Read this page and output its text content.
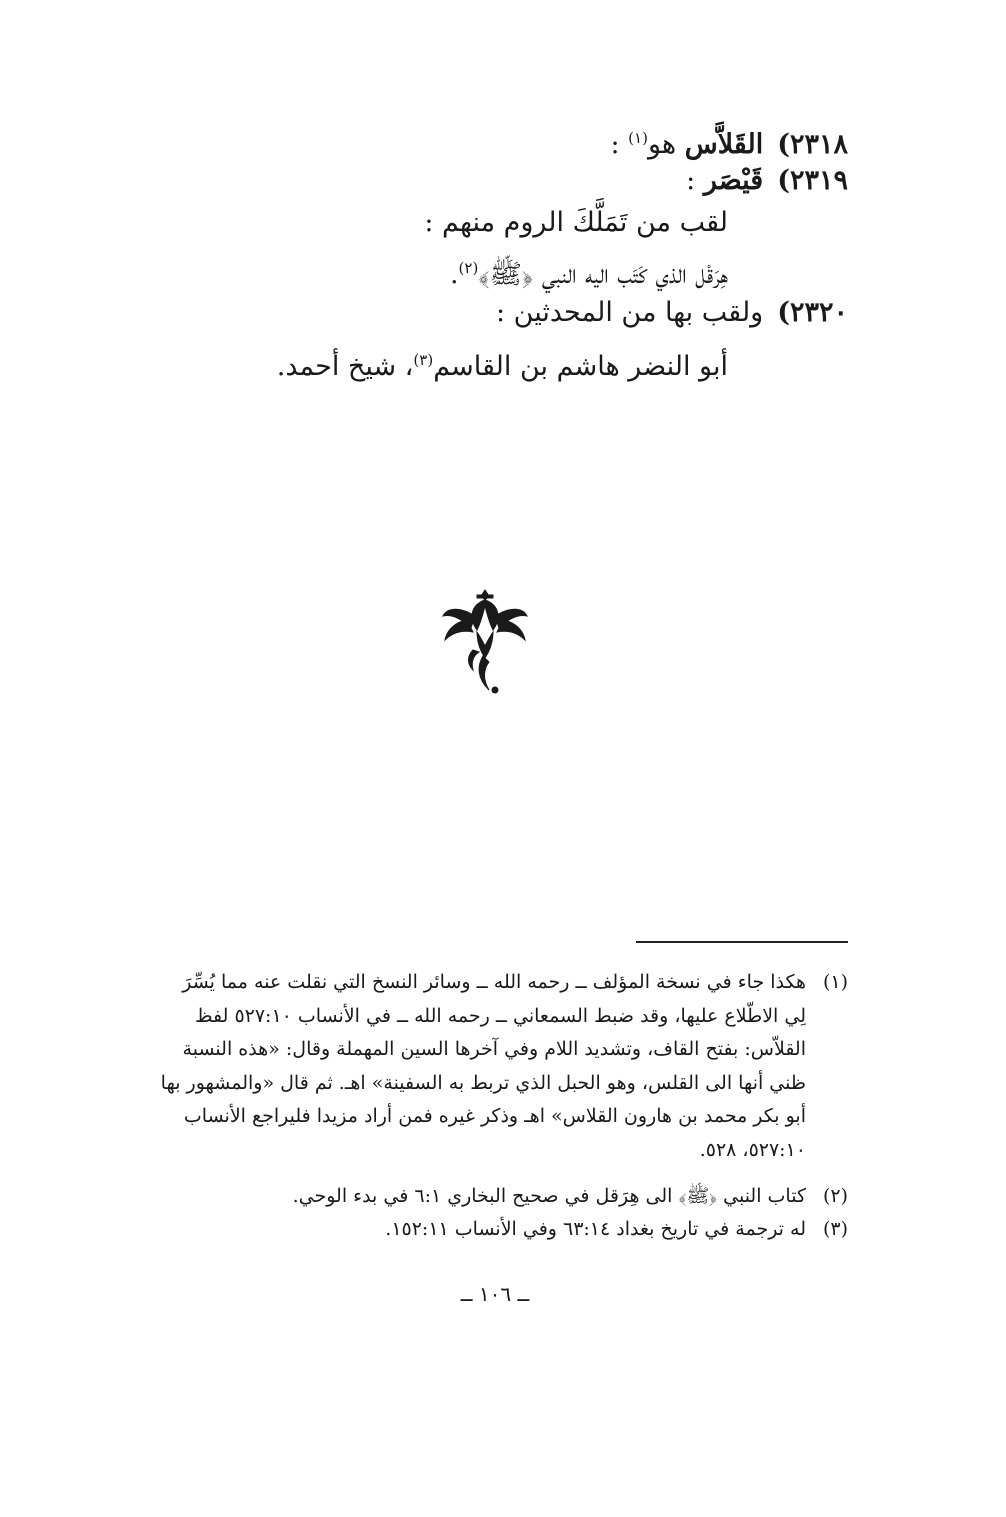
٢٣١٨)القَلاَّس هو$^{(١)}$ :
٢٣١٩)قَيْصَر :
لقب من تَمَلَّكَ الروم منهم :
هِرَقْل الذي كَتَب اليه النبي ﴿ﷺ﴾$^{(٢)}$.
٢٣٢٠)ولقب بها من المحدثين :
أبو النضر هاشم بن القاسم$^{(٣)}$، شيخ أحمد.
(١)
هكذا جاء في نسخة المؤلف ــ رحمه الله ــ وسائر النسخ التي نقلت عنه مما يُسِّرَ
لِي الاطّلاع عليها، وقد ضبط السمعاني ــ رحمه الله ــ في الأنساب ٥٢٧:١٠ لفظ
القلاّس: بفتح القاف، وتشديد اللام وفي آخرها السين المهملة وقال: «هذه النسبة
ظني أنها الى القلس، وهو الحبل الذي تربط به السفينة» اهـ. ثم قال «والمشهور بها
أبو بكر محمد بن هارون القلاس» اهـ وذكر غيره فمن أراد مزيدا فليراجع الأنساب
٥٢٧:١٠، ٥٢٨.
(٢)
كتاب النبي ﴿ﷺ﴾ الى هِرَقل في صحيح البخاري ٦:١ في بدء الوحي.
(٣)
له ترجمة في تاريخ بغداد ٦٣:١٤ وفي الأنساب ١٥٢:١١.
ــ ١٠٦ ــ
